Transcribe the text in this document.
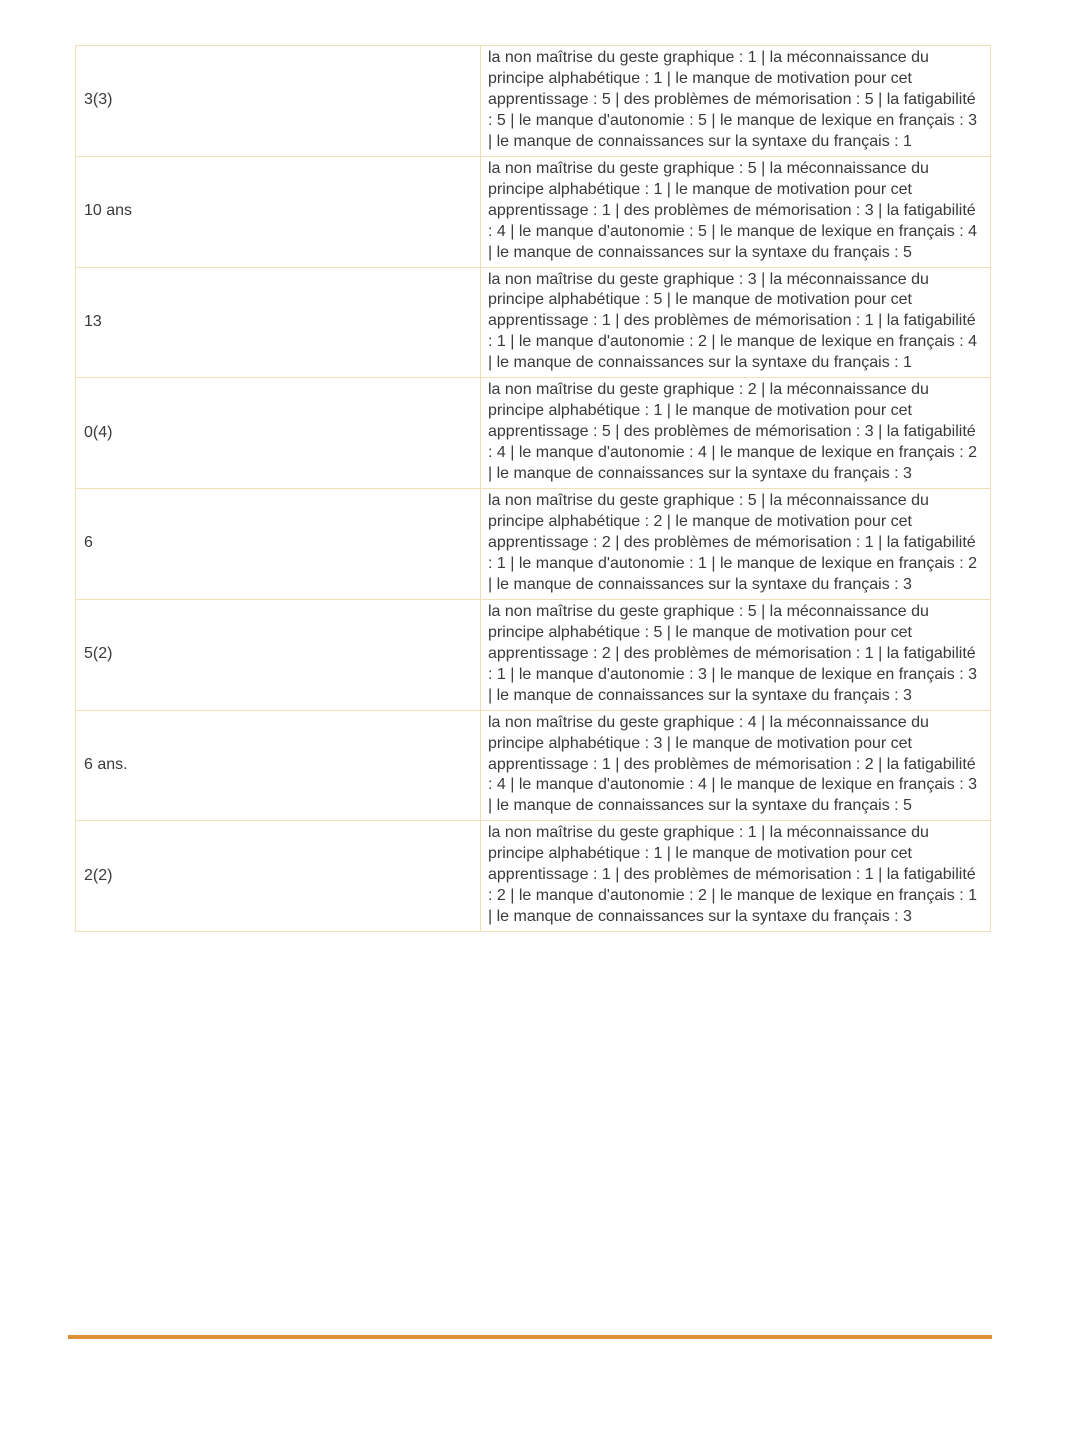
3(3)	la non maîtrise du geste graphique : 1 | la méconnaissance du principe alphabétique : 1 | le manque de motivation pour cet apprentissage : 5 | des problèmes de mémorisation : 5 | la fatigabilité : 5 | le manque d'autonomie : 5 | le manque de lexique en français : 3 | le manque de connaissances sur la syntaxe du français : 1
10 ans	la non maîtrise du geste graphique : 5 | la méconnaissance du principe alphabétique : 1 | le manque de motivation pour cet apprentissage : 1 | des problèmes de mémorisation : 3 | la fatigabilité : 4 | le manque d'autonomie : 5 | le manque de lexique en français : 4 | le manque de connaissances sur la syntaxe du français : 5
13	la non maîtrise du geste graphique : 3 | la méconnaissance du principe alphabétique : 5 | le manque de motivation pour cet apprentissage : 1 | des problèmes de mémorisation : 1 | la fatigabilité : 1 | le manque d'autonomie : 2 | le manque de lexique en français : 4 | le manque de connaissances sur la syntaxe du français : 1
0(4)	la non maîtrise du geste graphique : 2 | la méconnaissance du principe alphabétique : 1 | le manque de motivation pour cet apprentissage : 5 | des problèmes de mémorisation : 3 | la fatigabilité : 4 | le manque d'autonomie : 4 | le manque de lexique en français : 2 | le manque de connaissances sur la syntaxe du français : 3
6	la non maîtrise du geste graphique : 5 | la méconnaissance du principe alphabétique : 2 | le manque de motivation pour cet apprentissage : 2 | des problèmes de mémorisation : 1 | la fatigabilité : 1 | le manque d'autonomie : 1 | le manque de lexique en français : 2 | le manque de connaissances sur la syntaxe du français : 3
5(2)	la non maîtrise du geste graphique : 5 | la méconnaissance du principe alphabétique : 5 | le manque de motivation pour cet apprentissage : 2 | des problèmes de mémorisation : 1 | la fatigabilité : 1 | le manque d'autonomie : 3 | le manque de lexique en français : 3 | le manque de connaissances sur la syntaxe du français : 3
6 ans.	la non maîtrise du geste graphique : 4 | la méconnaissance du principe alphabétique : 3 | le manque de motivation pour cet apprentissage : 1 | des problèmes de mémorisation : 2 | la fatigabilité : 4 | le manque d'autonomie : 4 | le manque de lexique en français : 3 | le manque de connaissances sur la syntaxe du français : 5
2(2)	la non maîtrise du geste graphique : 1 | la méconnaissance du principe alphabétique : 1 | le manque de motivation pour cet apprentissage : 1 | des problèmes de mémorisation : 1 | la fatigabilité : 2 | le manque d'autonomie : 2 | le manque de lexique en français : 1 | le manque de connaissances sur la syntaxe du français : 3
